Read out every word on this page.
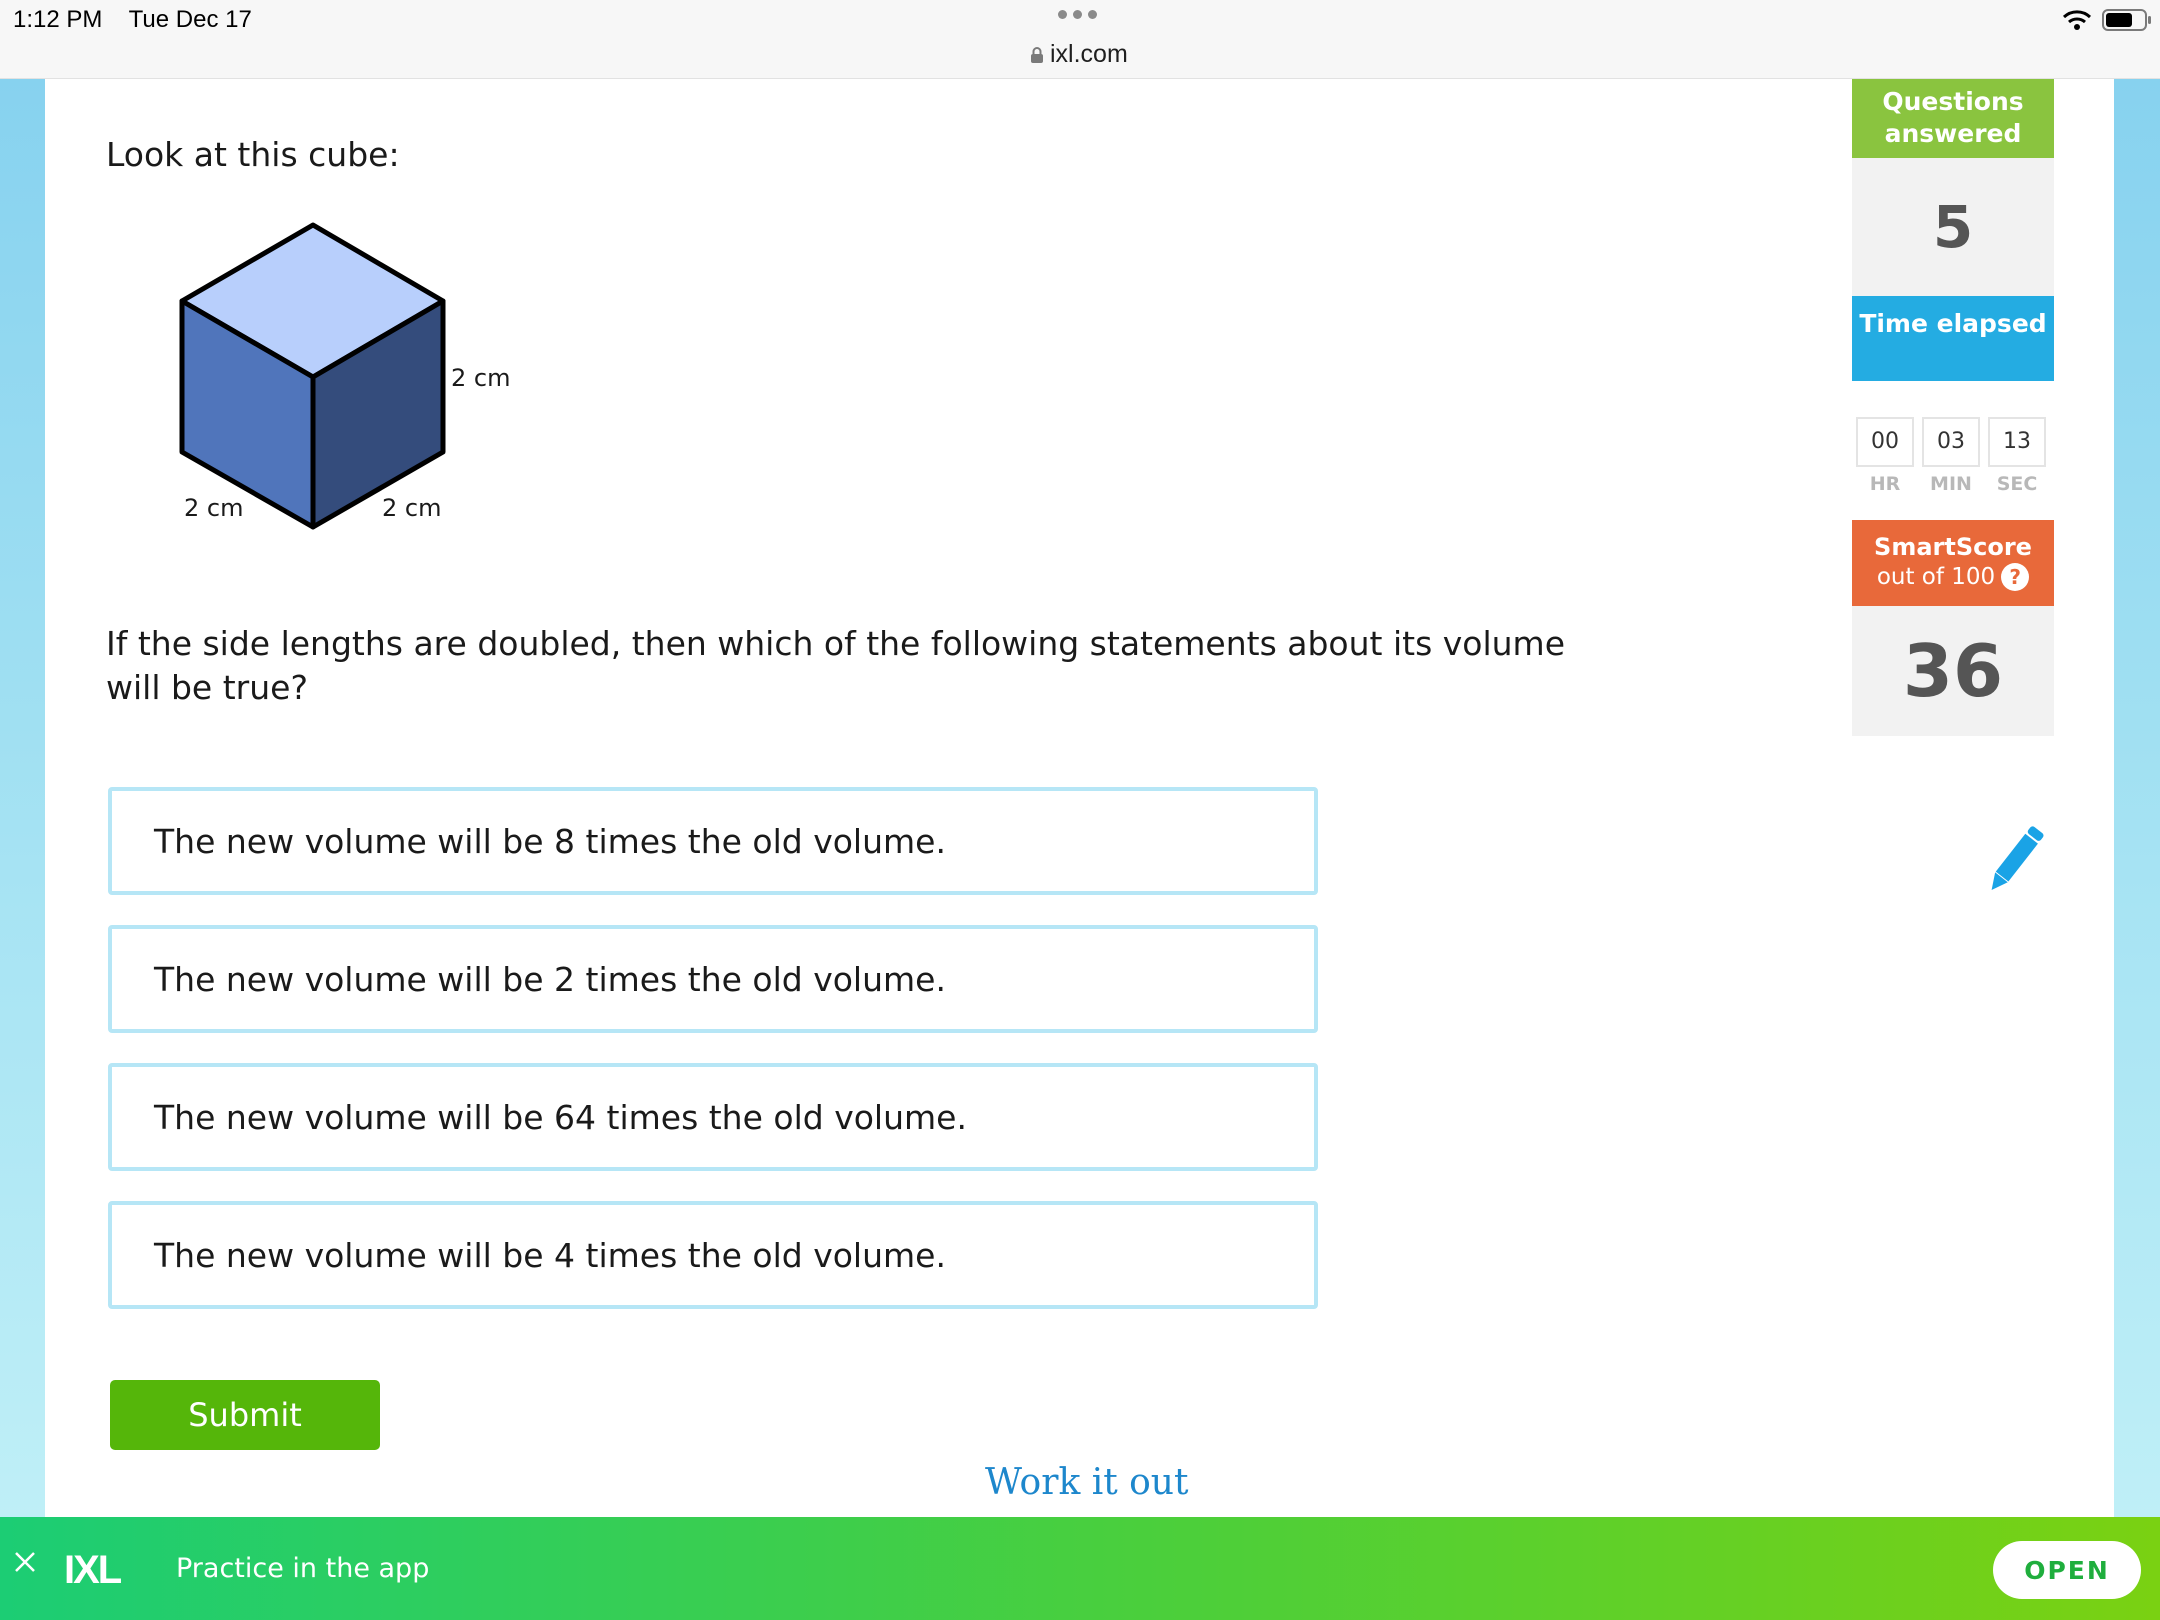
1:12 PM Tue Dec 17
ixl.com
Look at this cube:
2 cm
2 cm	2 cm
If the side lengths are doubled, then which of the following statements about its volume will be true?
The new volume will be 8 times the old volume.
The new volume will be 2 times the old volume.
The new volume will be 64 times the old volume.
The new volume will be 4 times the old volume.
Submit
Work it out
Questions answered
5
Time elapsed
00	03	13
HR	MIN	SEC
SmartScore
out of 100 ?
36
IXL Practice in the app	OPEN
